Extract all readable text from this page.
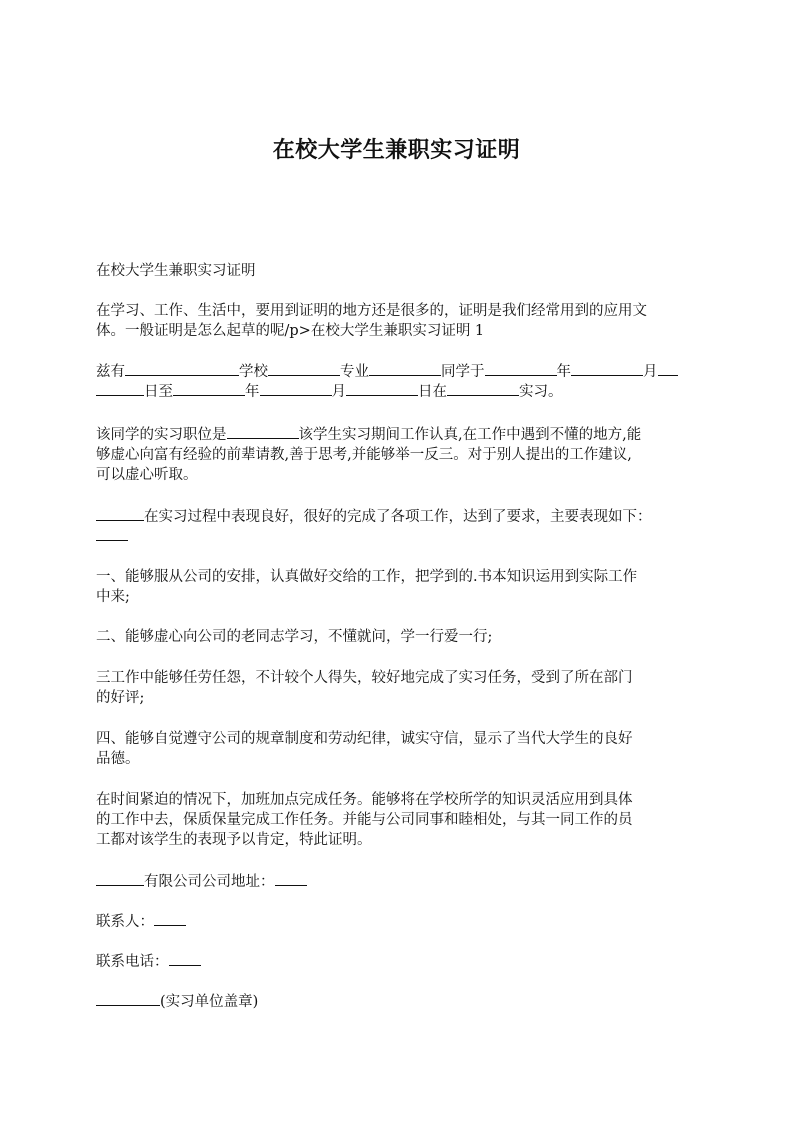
在校大学生兼职实习证明

在校大学生兼职实习证明

在学习、工作、生活中，要用到证明的地方还是很多的，证明是我们经常用到的应用文
体。一般证明是怎么起草的呢/p>在校大学生兼职实习证明 1

兹有	学校	专业	同学于	年	月
日至	年	月	日在	实习。

该同学的实习职位是	该学生实习期间工作认真,在工作中遇到不懂的地方,能
够虚心向富有经验的前辈请教,善于思考,并能够举一反三。对于别人提出的工作建议,
可以虚心听取。

在实习过程中表现良好，很好的完成了各项工作，达到了要求，主要表现如下：

一、能够服从公司的安排，认真做好交给的工作，把学到的.书本知识运用到实际工作
中来;

二、能够虚心向公司的老同志学习，不懂就问，学一行爱一行;

三工作中能够任劳任怨，不计较个人得失，较好地完成了实习任务，受到了所在部门
的好评;

四、能够自觉遵守公司的规章制度和劳动纪律，诚实守信，显示了当代大学生的良好
品德。

在时间紧迫的情况下，加班加点完成任务。能够将在学校所学的知识灵活应用到具体
的工作中去，保质保量完成工作任务。并能与公司同事和睦相处，与其一同工作的员
工都对该学生的表现予以肯定，特此证明。

有限公司公司地址：

联系人：

联系电话：

(实习单位盖章)
